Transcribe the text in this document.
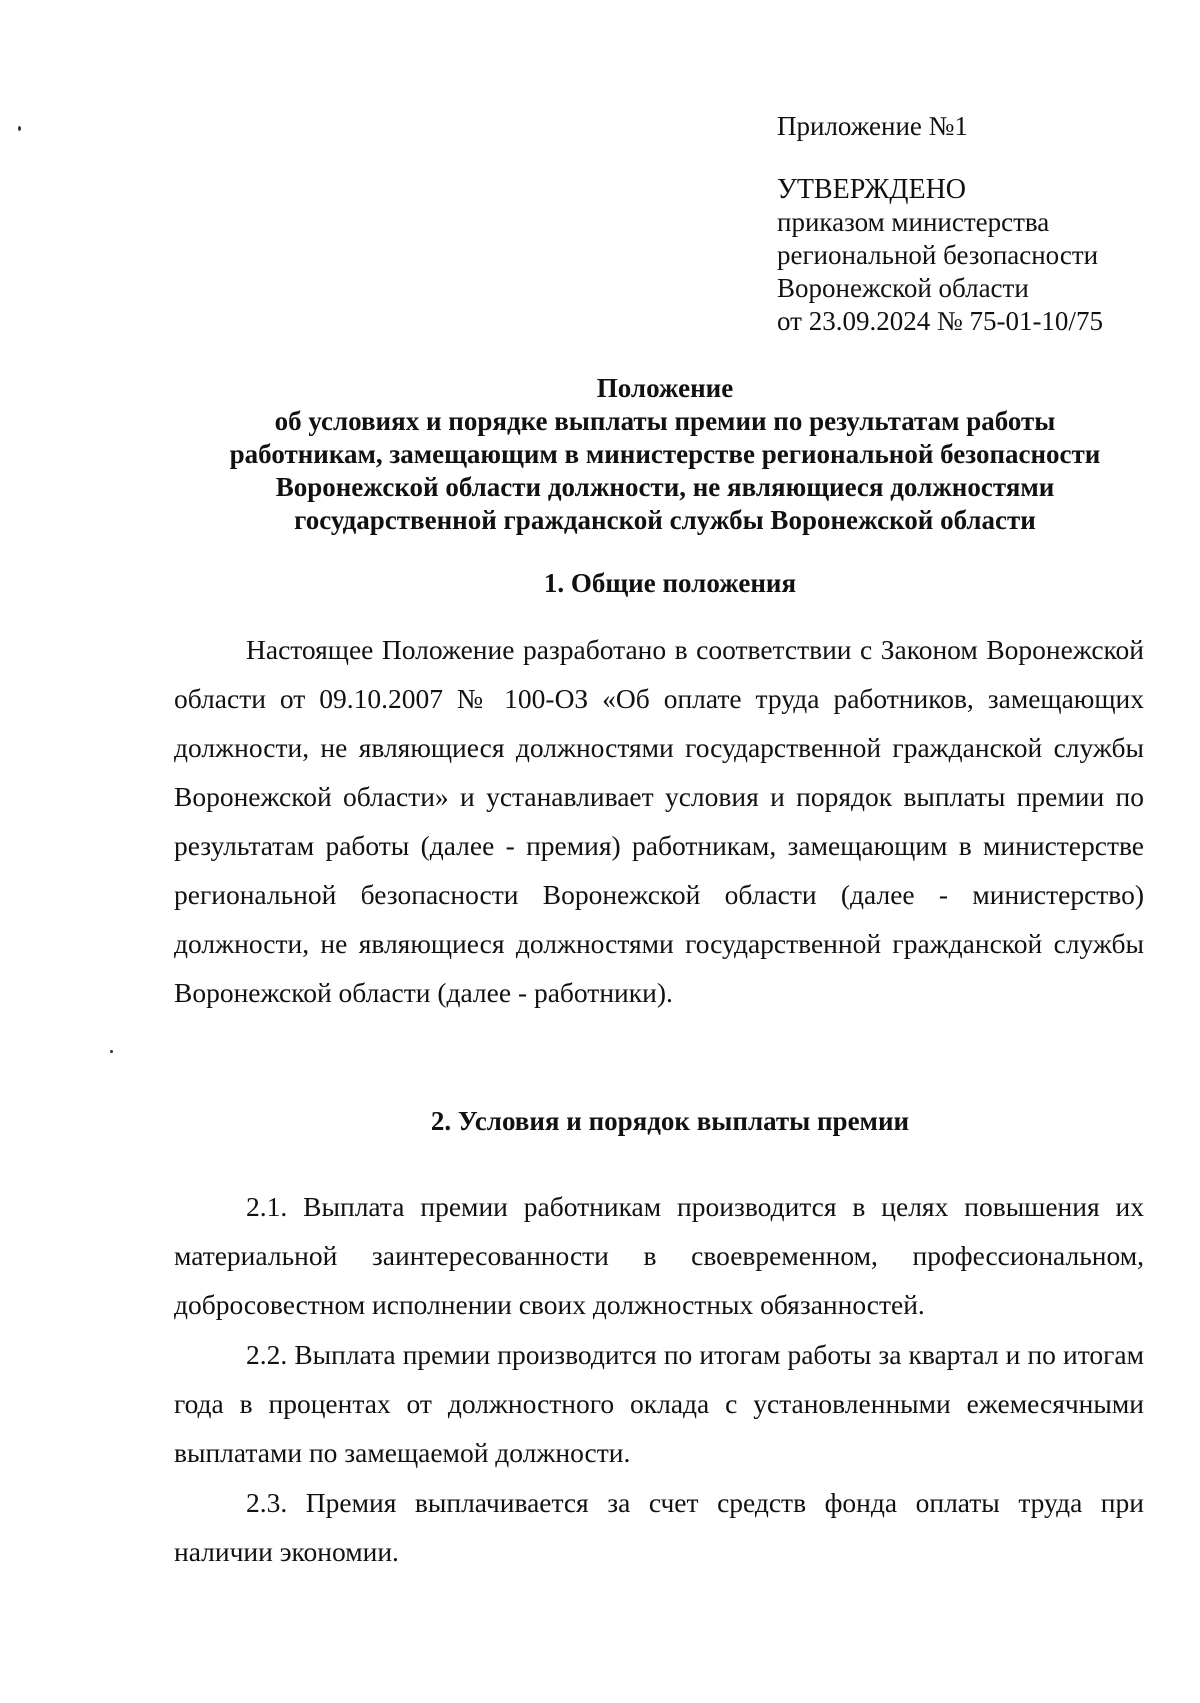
Приложение №1
УТВЕРЖДЕНО
приказом министерства
региональной безопасности
Воронежской области
от 23.09.2024 № 75-01-10/75
Положение
об условиях и порядке выплаты премии по результатам работы
работникам, замещающим в министерстве региональной безопасности
Воронежской области должности, не являющиеся должностями
государственной гражданской службы Воронежской области
1. Общие положения
Настоящее Положение разработано в соответствии с Законом Воронежской области от 09.10.2007 № 100-ОЗ «Об оплате труда работников, замещающих должности, не являющиеся должностями государственной гражданской службы Воронежской области» и устанавливает условия и порядок выплаты премии по результатам работы (далее - премия) работникам, замещающим в министерстве региональной безопасности Воронежской области (далее - министерство) должности, не являющиеся должностями государственной гражданской службы Воронежской области (далее - работники).
2. Условия и порядок выплаты премии
2.1. Выплата премии работникам производится в целях повышения их материальной заинтересованности в своевременном, профессиональном, добросовестном исполнении своих должностных обязанностей.
2.2. Выплата премии производится по итогам работы за квартал и по итогам года в процентах от должностного оклада с установленными ежемесячными выплатами по замещаемой должности.
2.3. Премия выплачивается за счет средств фонда оплаты труда при наличии экономии.
